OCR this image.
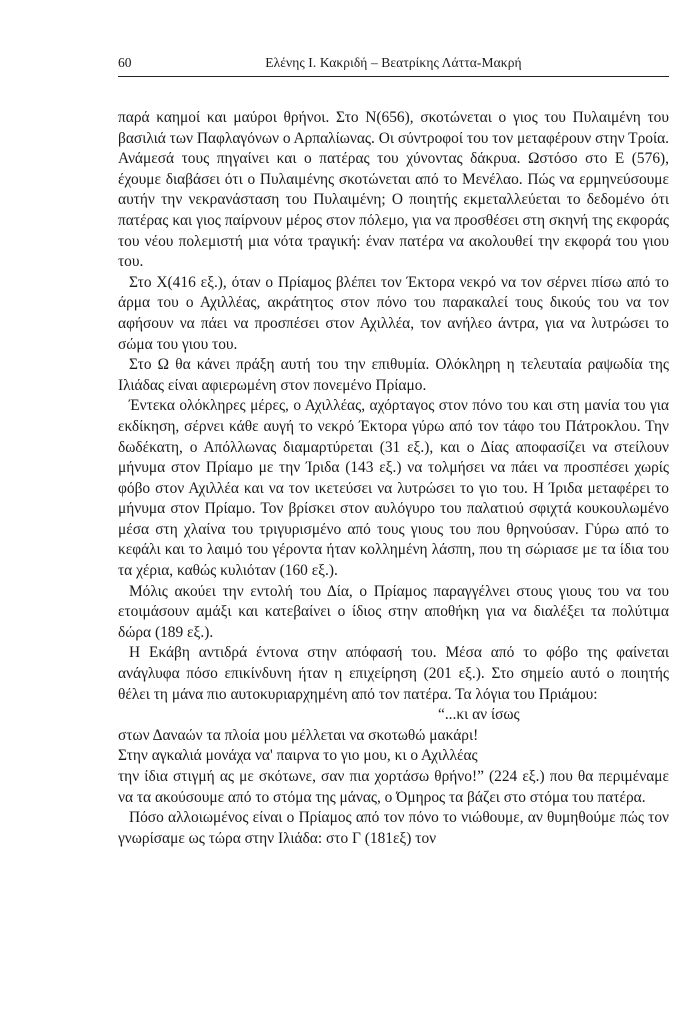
60	Ελένης Ι. Κακριδή – Βεατρίκης Λάττα-Μακρή

παρά καημοί και μαύροι θρήνοι. Στο Ν(656), σκοτώνεται ο γιος του Πυλαιμένη του βασιλιά των Παφλαγόνων ο Αρπαλίωνας. Οι σύντροφοί του τον μεταφέρουν στην Τροία. Ανάμεσά τους πηγαίνει και ο πατέρας του χύνοντας δάκρυα. Ωστόσο στο Ε (576), έχουμε διαβάσει ότι ο Πυλαιμένης σκοτώνεται από το Μενέλαο. Πώς να ερμηνεύσουμε αυτήν την νεκρανάσταση του Πυλαιμένη; Ο ποιητής εκμεταλλεύεται το δεδομένο ότι πατέρας και γιος παίρνουν μέρος στον πόλεμο, για να προσθέσει στη σκηνή της εκφοράς του νέου πολεμιστή μια νότα τραγική: έναν πατέρα να ακολουθεί την εκφορά του γιου του.

Στο Χ(416 εξ.), όταν ο Πρίαμος βλέπει τον Έκτορα νεκρό να τον σέρνει πίσω από το άρμα του ο Αχιλλέας, ακράτητος στον πόνο του παρακαλεί τους δικούς του να τον αφήσουν να πάει να προσπέσει στον Αχιλλέα, τον ανήλεο άντρα, για να λυτρώσει το σώμα του γιου του.

Στο Ω θα κάνει πράξη αυτή του την επιθυμία. Ολόκληρη η τελευταία ραψωδία της Ιλιάδας είναι αφιερωμένη στον πονεμένο Πρίαμο.

Έντεκα ολόκληρες μέρες, ο Αχιλλέας, αχόρταγος στον πόνο του και στη μανία του για εκδίκηση, σέρνει κάθε αυγή το νεκρό Έκτορα γύρω από τον τάφο του Πάτροκλου. Την δωδέκατη, ο Απόλλωνας διαμαρτύρεται (31 εξ.), και ο Δίας αποφασίζει να στείλουν μήνυμα στον Πρίαμο με την Ίριδα (143 εξ.) να τολμήσει να πάει να προσπέσει χωρίς φόβο στον Αχιλλέα και να τον ικετεύσει να λυτρώσει το γιο του. Η Ίριδα μεταφέρει το μήνυμα στον Πρίαμο. Τον βρίσκει στον αυλόγυρο του παλατιού σφιχτά κουκουλωμένο μέσα στη χλαίνα του τριγυρισμένο από τους γιους του που θρηνούσαν. Γύρω από το κεφάλι και το λαιμό του γέροντα ήταν κολλημένη λάσπη, που τη σώριασε με τα ίδια του τα χέρια, καθώς κυλιόταν (160 εξ.).

Μόλις ακούει την εντολή του Δία, ο Πρίαμος παραγγέλνει στους γιους του να του ετοιμάσουν αμάξι και κατεβαίνει ο ίδιος στην αποθήκη για να διαλέξει τα πολύτιμα δώρα (189 εξ.).

Η Εκάβη αντιδρά έντονα στην απόφασή του. Μέσα από το φόβο της φαίνεται ανάγλυφα πόσο επικίνδυνη ήταν η επιχείρηση (201 εξ.). Στο σημείο αυτό ο ποιητής θέλει τη μάνα πιο αυτοκυριαρχημένη από τον πατέρα. Τα λόγια του Πριάμου:

“...κι αν ίσως
στων Δαναών τα πλοία μου μέλλεται να σκοτωθώ μακάρι!
Στην αγκαλιά μονάχα να' παιρνα το γιο μου, κι ο Αχιλλέας

την ίδια στιγμή ας με σκότωνε, σαν πια χορτάσω θρήνο!” (224 εξ.) που θα περιμέναμε να τα ακούσουμε από το στόμα της μάνας, ο Όμηρος τα βάζει στο στόμα του πατέρα.

Πόσο αλλοιωμένος είναι ο Πρίαμος από τον πόνο το νιώθουμε, αν θυμηθούμε πώς τον γνωρίσαμε ως τώρα στην Ιλιάδα: στο Γ (181εξ) τον
